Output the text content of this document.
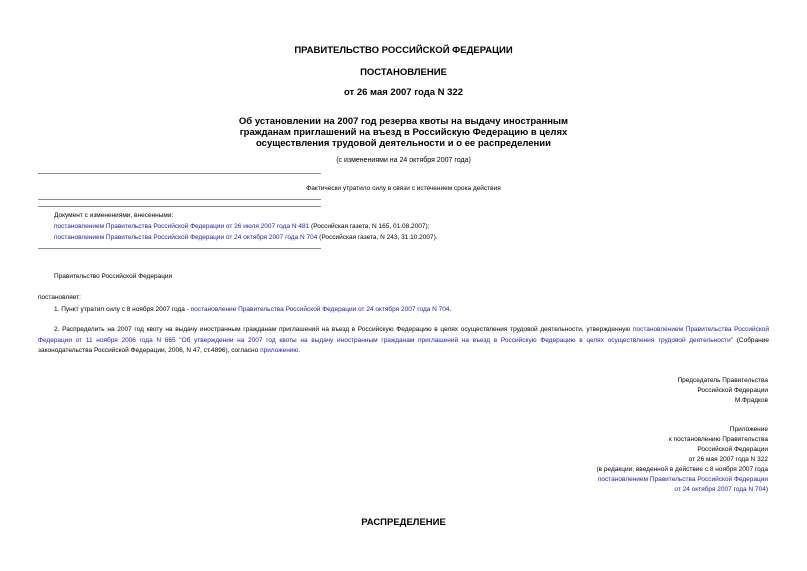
ПРАВИТЕЛЬСТВО РОССИЙСКОЙ ФЕДЕРАЦИИ
ПОСТАНОВЛЕНИЕ
от 26 мая 2007 года N 322
Об установлении на 2007 год резерва квоты на выдачу иностранным
гражданам приглашений на въезд в Российскую Федерацию в целях
осуществления трудовой деятельности и о ее распределении
(с изменениями на 24 октября 2007 года)
Фактически утратило силу в связи с истечением срока действия
Документ с изменениями, внесенными:
постановлением Правительства Российской Федерации от 26 июля 2007 года N 481 (Российская газета, N 165, 01.08.2007);
постановлением Правительства Российской Федерации от 24 октября 2007 года N 704 (Российская газета, N 243, 31.10.2007).
Правительство Российской Федерации
постановляет:
1. Пункт утратил силу с 8 ноября 2007 года - постановление Правительства Российской Федерации от 24 октября 2007 года N 704.
2. Распределить на 2007 год квоту на выдачу иностранным гражданам приглашений на въезд в Российскую Федерацию в целях осуществления трудовой деятельности, утвержденную постановлением Правительства Российской Федерации от 11 ноября 2006 года N 665 "Об утверждении на 2007 год квоты на выдачу иностранным гражданам приглашений на въезд в Российскую Федерацию в целях осуществления трудовой деятельности" (Собрание законодательства Российской Федерации, 2006, N 47, ст.4896), согласно приложению.
Председатель Правительства
Российской Федерации
М.Фрадков
Приложение
к постановлению Правительства
Российской Федерации
от 26 мая 2007 года N 322
(в редакции, введенной в действие с 8 ноября 2007 года
постановлением Правительства Российской Федерации
от 24 октября 2007 года N 704)
РАСПРЕДЕЛЕНИЕ
